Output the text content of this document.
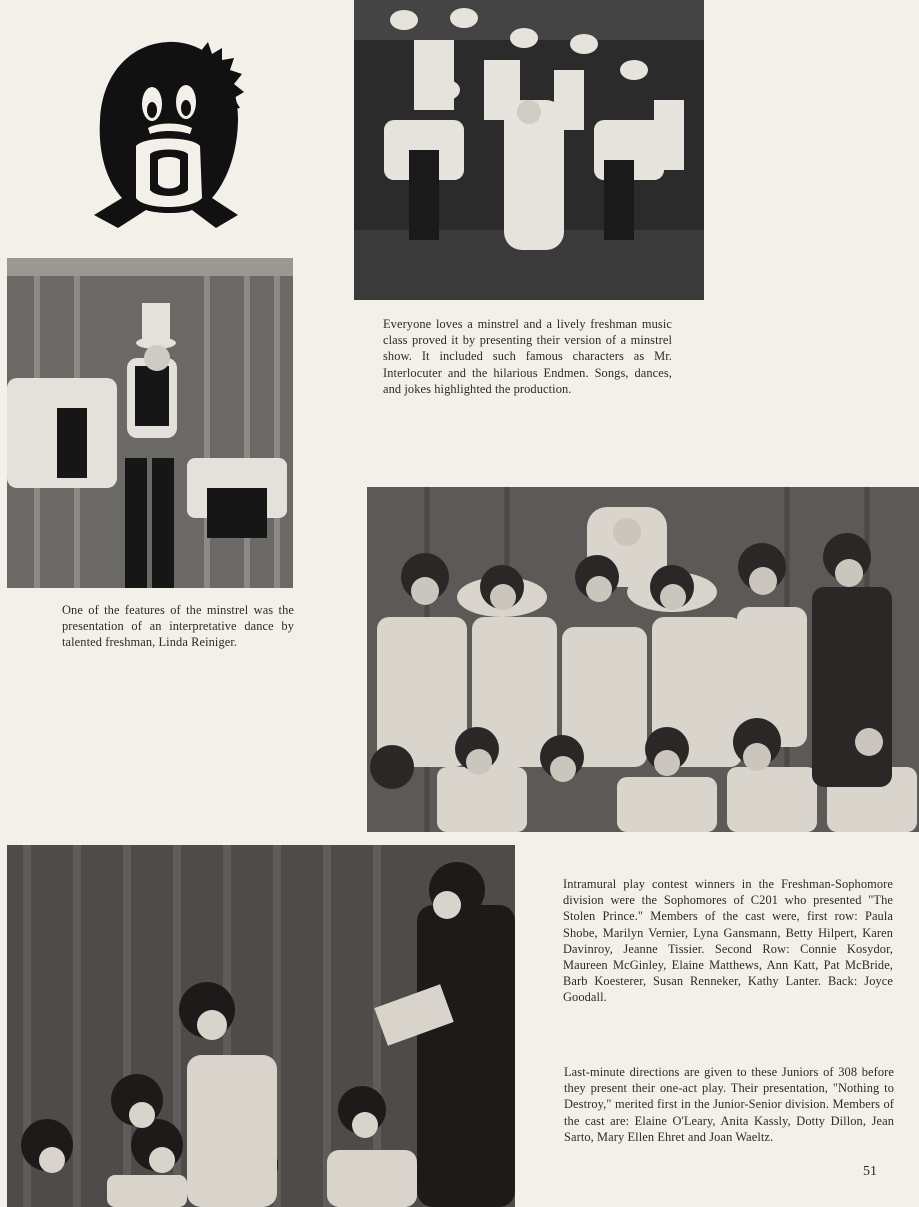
Everyone loves a minstrel and a lively freshman music class proved it by presenting their version of a minstrel show. It included such famous characters as Mr. Interlocuter and the hilarious Endmen. Songs, dances, and jokes highlighted the production.
One of the features of the minstrel was the presentation of an interpretative dance by talented freshman, Linda Reiniger.
Intramural play contest winners in the Freshman-Sophomore division were the Sophomores of C201 who presented "The Stolen Prince." Members of the cast were, first row: Paula Shobe, Marilyn Vernier, Lyna Gansmann, Betty Hilpert, Karen Davinroy, Jeanne Tissier. Second Row: Connie Kosydor, Maureen McGinley, Elaine Matthews, Ann Katt, Pat McBride, Barb Koesterer, Susan Renneker, Kathy Lanter. Back: Joyce Goodall.
Last-minute directions are given to these Juniors of 308 before they present their one-act play. Their presentation, "Nothing to Destroy," merited first in the Junior-Senior division. Members of the cast are: Elaine O'Leary, Anita Kassly, Dotty Dillon, Jean Sarto, Mary Ellen Ehret and Joan Waeltz.
51
